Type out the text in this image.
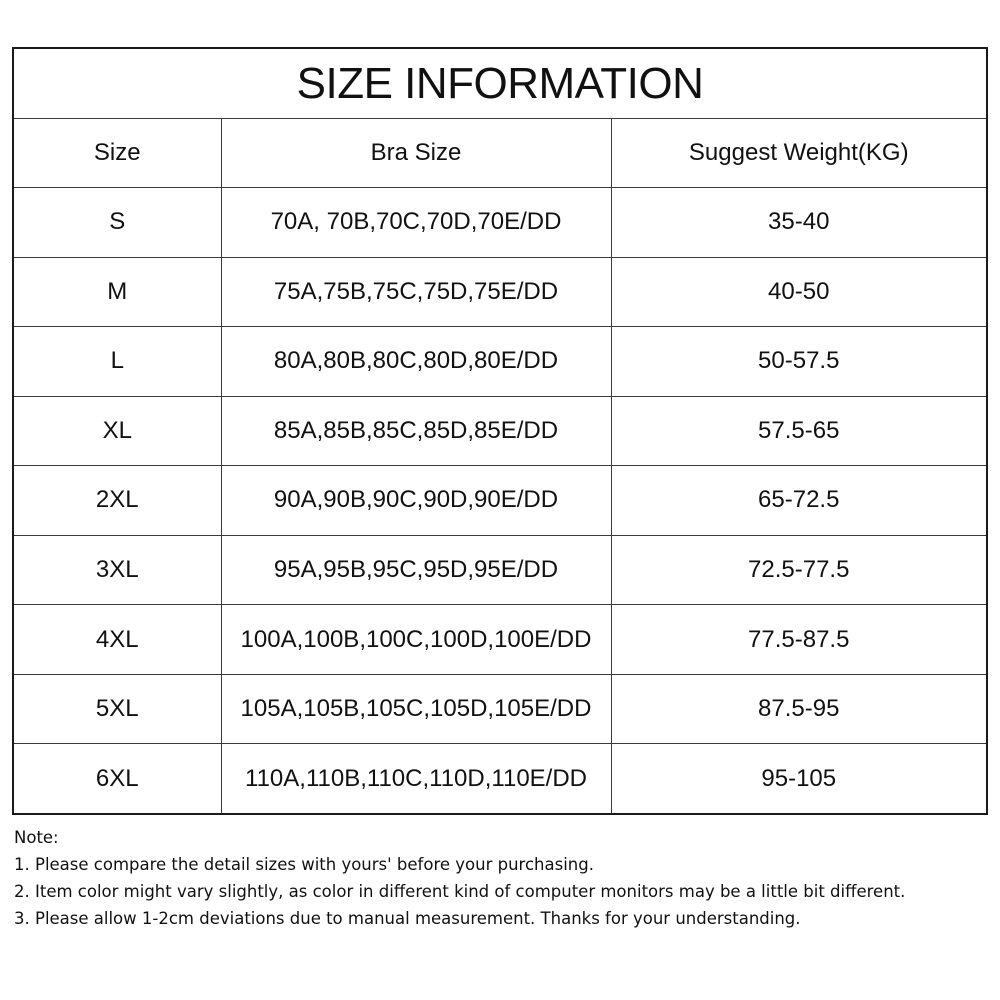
SIZE INFORMATION		
Size	Bra Size	Suggest Weight(KG)
S	70A, 70B,70C,70D,70E/DD	35-40
M	75A,75B,75C,75D,75E/DD	40-50
L	80A,80B,80C,80D,80E/DD	50-57.5
XL	85A,85B,85C,85D,85E/DD	57.5-65
2XL	90A,90B,90C,90D,90E/DD	65-72.5
3XL	95A,95B,95C,95D,95E/DD	72.5-77.5
4XL	100A,100B,100C,100D,100E/DD	77.5-87.5
5XL	105A,105B,105C,105D,105E/DD	87.5-95
6XL	110A,110B,110C,110D,110E/DD	95-105
Note:
1. Please compare the detail sizes with yours' before your purchasing.
2. Item color might vary slightly, as color in different kind of computer monitors may be a little bit different.
3. Please allow 1-2cm deviations due to manual measurement. Thanks for your understanding.
